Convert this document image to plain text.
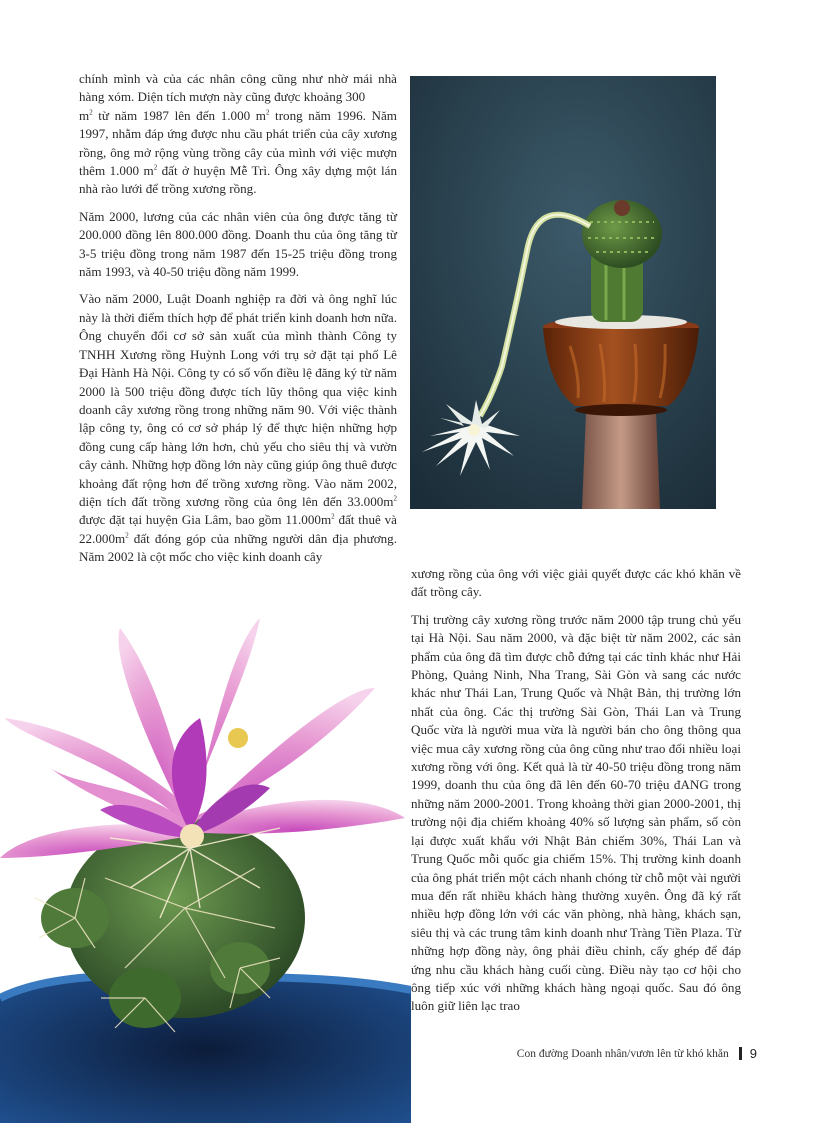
chính mình và của các nhân công cũng như nhờ mái nhà hàng xóm. Diện tích mượn này cũng được khoảng 300
$m^2$ từ năm 1987 lên đến 1.000 $m^2$ trong năm 1996. Năm 1997, nhằm đáp ứng được nhu cầu phát triển của cây xương rồng, ông mở rộng vùng trồng cây của mình với việc mượn thêm 1.000 $m^2$ đất ở huyện Mễ Trì. Ông xây dựng một lán nhà rào lưới để trồng xương rồng.

Năm 2000, lương của các nhân viên của ông được tăng từ 200.000 đồng lên 800.000 đồng. Doanh thu của ông tăng từ 3-5 triệu đồng trong năm 1987 đến 15-25 triệu đồng trong năm 1993, và 40-50 triệu đồng năm 1999.

Vào năm 2000, Luật Doanh nghiệp ra đời và ông nghĩ lúc này là thời điểm thích hợp để phát triển kinh doanh hơn nữa. Ông chuyển đổi cơ sở sản xuất của mình thành Công ty TNHH Xương rồng Huỳnh Long với trụ sở đặt tại phố Lê Đại Hành Hà Nội. Công ty có số vốn điều lệ đăng ký từ năm 2000 là 500 triệu đồng được tích lũy thông qua việc kinh doanh cây xương rồng trong những năm 90. Với việc thành lập công ty, ông có cơ sở pháp lý để thực hiện những hợp đồng cung cấp hàng lớn hơn, chủ yếu cho siêu thị và vườn cây cảnh. Những hợp đồng lớn này cũng giúp ông thuê được khoảng đất rộng hơn để trồng xương rồng. Vào năm 2002, diện tích đất trồng xương rồng của ông lên đến $33.000m^2$ được đặt tại huyện Gia Lâm, bao gồm $11.000m^2$ đất thuê và $22.000m^2$ đất đóng góp của những người dân địa phương. Năm 2002 là cột mốc cho việc kinh doanh cây

xương rồng của ông với việc giải quyết được các khó khăn về đất trồng cây.

Thị trường cây xương rồng trước năm 2000 tập trung chủ yếu tại Hà Nội. Sau năm 2000, và đặc biệt từ năm 2002, các sản phẩm của ông đã tìm được chỗ đứng tại các tỉnh khác như Hải Phòng, Quảng Ninh, Nha Trang, Sài Gòn và sang các nước khác như Thái Lan, Trung Quốc và Nhật Bản, thị trường lớn nhất của ông. Các thị trường Sài Gòn, Thái Lan và Trung Quốc vừa là người mua vừa là người bán cho ông thông qua việc mua cây xương rồng của ông cũng như trao đổi nhiều loại xương rồng với ông. Kết quả là từ 40-50 triệu đồng trong năm 1999, doanh thu của ông đã lên đến 60-70 triệu đANG trong những năm 2000-2001. Trong khoảng thời gian 2000-2001, thị trường nội địa chiếm khoảng 40% số lượng sản phẩm, số còn lại được xuất khẩu với Nhật Bản chiếm 30%, Thái Lan và Trung Quốc mỗi quốc gia chiếm 15%. Thị trường kinh doanh của ông phát triển một cách nhanh chóng từ chỗ một vài người mua đến rất nhiều khách hàng thường xuyên. Ông đã ký rất nhiều hợp đồng lớn với các văn phòng, nhà hàng, khách sạn, siêu thị và các trung tâm kinh doanh như Tràng Tiền Plaza. Từ những hợp đồng này, ông phải điều chỉnh, cấy ghép để đáp ứng nhu cầu khách hàng cuối cùng. Điều này tạo cơ hội cho ông tiếp xúc với những khách hàng ngoại quốc. Sau đó ông luôn giữ liên lạc trao

Con đường Doanh nhân/vươn lên từ khó khăn 9
